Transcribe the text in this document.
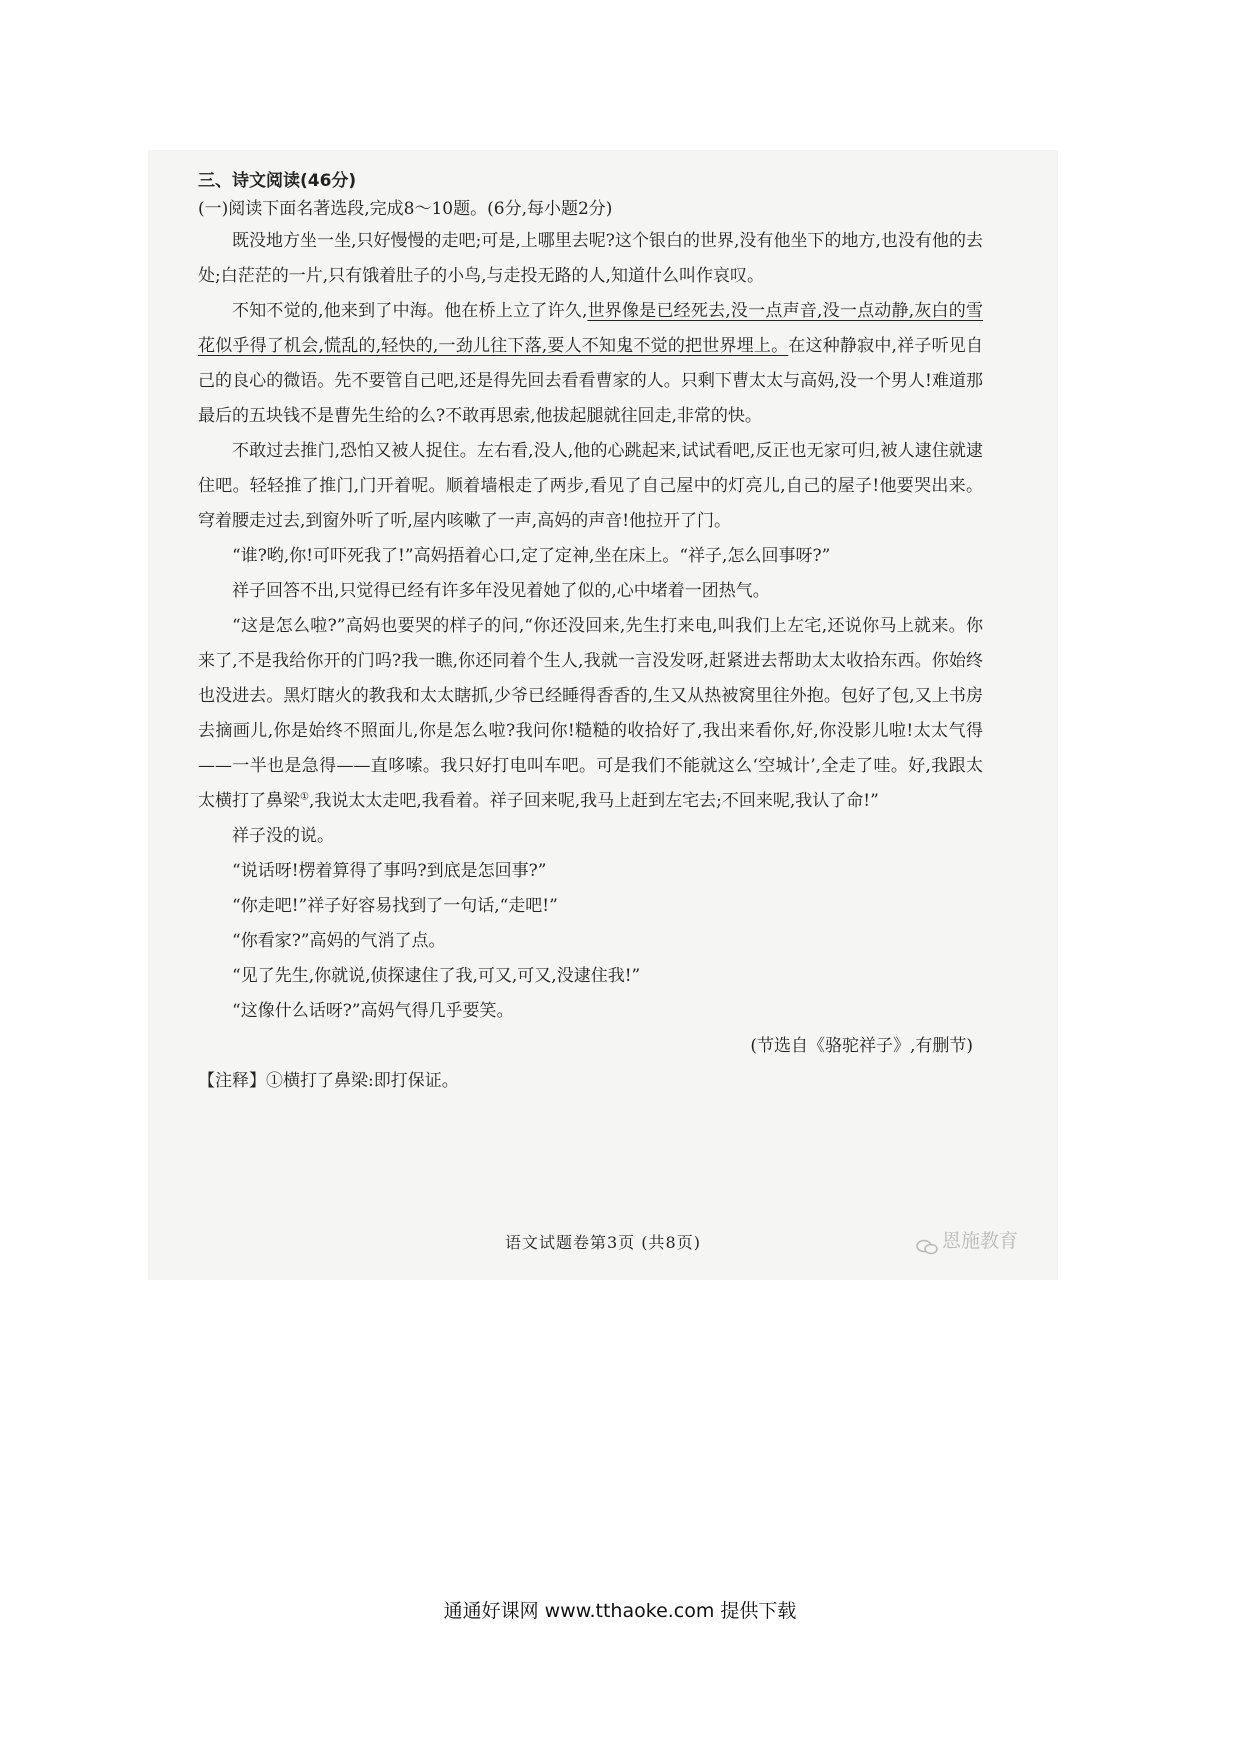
三、诗文阅读(46分)

(一)阅读下面名著选段,完成8～10题。(6分,每小题2分)

既没地方坐一坐,只好慢慢的走吧;可是,上哪里去呢?这个银白的世界,没有他坐下的地方,也没有他的去处;白茫茫的一片,只有饿着肚子的小鸟,与走投无路的人,知道什么叫作哀叹。

不知不觉的,他来到了中海。他在桥上立了许久,世界像是已经死去,没一点声音,没一点动静,灰白的雪花似乎得了机会,慌乱的,轻快的,一劲儿往下落,要人不知鬼不觉的把世界埋上。在这种静寂中,祥子听见自己的良心的微语。先不要管自己吧,还是得先回去看看曹家的人。只剩下曹太太与高妈,没一个男人!难道那最后的五块钱不是曹先生给的么?不敢再思索,他拔起腿就往回走,非常的快。

不敢过去推门,恐怕又被人捉住。左右看,没人,他的心跳起来,试试看吧,反正也无家可归,被人逮住就逮住吧。轻轻推了推门,门开着呢。顺着墙根走了两步,看见了自己屋中的灯亮儿,自己的屋子!他要哭出来。穹着腰走过去,到窗外听了听,屋内咳嗽了一声,高妈的声音!他拉开了门。

“谁?哟,你!可吓死我了!”高妈捂着心口,定了定神,坐在床上。“祥子,怎么回事呀?”

祥子回答不出,只觉得已经有许多年没见着她了似的,心中堵着一团热气。

“这是怎么啦?”高妈也要哭的样子的问,“你还没回来,先生打来电,叫我们上左宅,还说你马上就来。你来了,不是我给你开的门吗?我一瞧,你还同着个生人,我就一言没发呀,赶紧进去帮助太太收拾东西。你始终也没进去。黑灯瞎火的教我和太太瞎抓,少爷已经睡得香香的,生又从热被窝里往外抱。包好了包,又上书房去摘画儿,你是始终不照面儿,你是怎么啦?我问你!糙糙的收拾好了,我出来看你,好,你没影儿啦!太太气得——一半也是急得——直哆嗦。我只好打电叫车吧。可是我们不能就这么‘空城计’,全走了哇。好,我跟太太横打了鼻梁①,我说太太走吧,我看着。祥子回来呢,我马上赶到左宅去;不回来呢,我认了命!”

祥子没的说。

“说话呀!楞着算得了事吗?到底是怎回事?”

“你走吧!”祥子好容易找到了一句话,“走吧!”

“你看家?”高妈的气消了点。

“见了先生,你就说,侦探逮住了我,可又,可又,没逮住我!”

“这像什么话呀?”高妈气得几乎要笑。

(节选自《骆驼祥子》,有删节)

【注释】①横打了鼻梁:即打保证。

语文试题卷第3页 (共8页)	恩施教育
通通好课网 www.tthaoke.com 提供下载
